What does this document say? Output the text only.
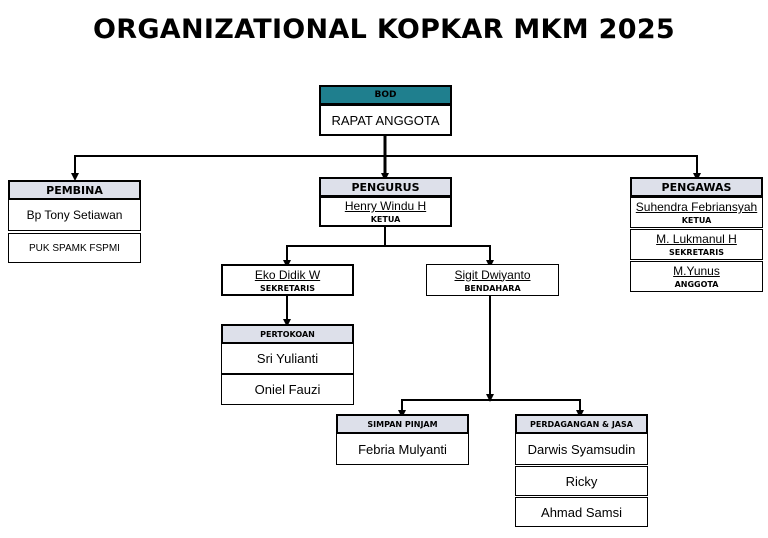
ORGANIZATIONAL KOPKAR MKM 2025
BOD
RAPAT ANGGOTA
PEMBINA
Bp Tony Setiawan
PUK SPAMK FSPMI
PENGURUS
Henry Windu H
KETUA
PENGAWAS
Suhendra Febriansyah
KETUA
M. Lukmanul H
SEKRETARIS
M.Yunus
ANGGOTA
Eko Didik W
SEKRETARIS
Sigit Dwiyanto
BENDAHARA
PERTOKOAN
Sri Yulianti
Oniel Fauzi
SIMPAN PINJAM
Febria Mulyanti
PERDAGANGAN & JASA
Darwis Syamsudin
Ricky
Ahmad Samsi
